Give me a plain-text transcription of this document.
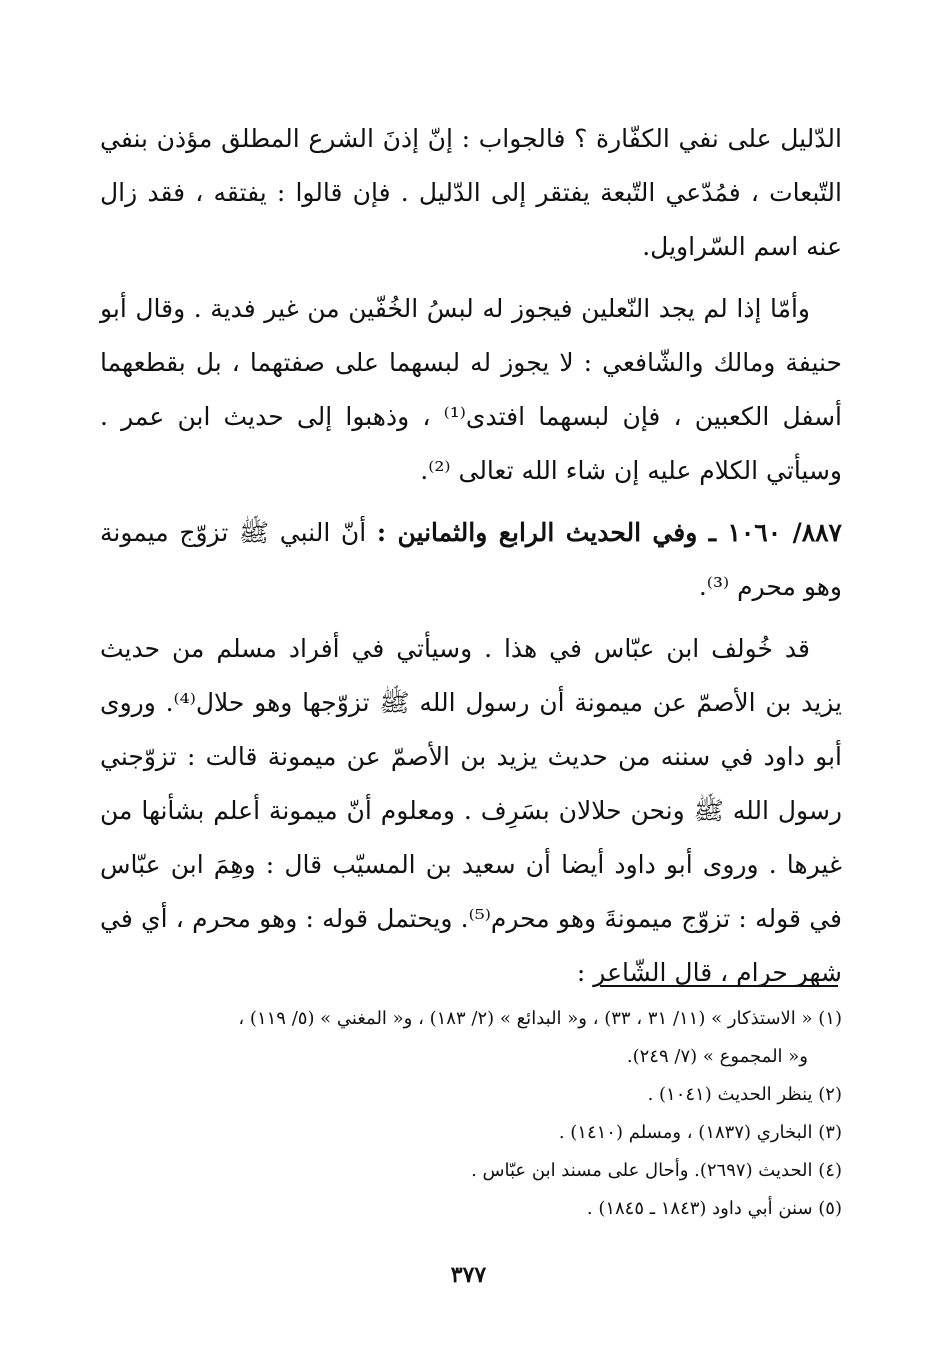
الدّليل على نفي الكفّارة ؟ فالجواب : إنّ إذنَ الشرع المطلق مؤذن بنفي التّبعات ، فمُدّعي التّبعة يفتقر إلى الدّليل . فإن قالوا : يفتقه ، فقد زال عنه اسم السّراويل.

وأمّا إذا لم يجد النّعلين فيجوز له لبسُ الخُفّين من غير فدية . وقال أبو حنيفة ومالك والشّافعي : لا يجوز له لبسهما على صفتهما ، بل بقطعهما أسفل الكعبين ، فإن لبسهما افتدى⁽¹⁾ ، وذهبوا إلى حديث ابن عمر . وسيأتي الكلام عليه إن شاء الله تعالى ⁽²⁾.

٨٨٧/ ١٠٦٠ ـ وفي الحديث الرابع والثمانين : أنّ النبي ﷺ تزوّج ميمونة وهو محرم ⁽³⁾.

قد خُولف ابن عبّاس في هذا . وسيأتي في أفراد مسلم من حديث يزيد بن الأصمّ عن ميمونة أن رسول الله ﷺ تزوّجها وهو حلال⁽⁴⁾. وروى أبو داود في سننه من حديث يزيد بن الأصمّ عن ميمونة قالت : تزوّجني رسول الله ﷺ ونحن حلالان بسَرِف . ومعلوم أنّ ميمونة أعلم بشأنها من غيرها . وروى أبو داود أيضا أن سعيد بن المسيّب قال : وهِمَ ابن عبّاس في قوله : تزوّج ميمونةَ وهو محرم⁽⁵⁾. ويحتمل قوله : وهو محرم ، أي في شهر حرام ، قال الشّاعر :

(١) « الاستذكار » (١١/ ٣١ ، ٣٣) ، و« البدائع » (٢/ ١٨٣) ، و« المغني » (٥/ ١١٩) ،

و« المجموع » (٧/ ٢٤٩).

(٢) ينظر الحديث (١٠٤١) .

(٣) البخاري (١٨٣٧) ، ومسلم (١٤١٠) .

(٤) الحديث (٢٦٩٧). وأحال على مسند ابن عبّاس .

(٥) سنن أبي داود (١٨٤٣ ـ ١٨٤٥) .

٣٧٧
